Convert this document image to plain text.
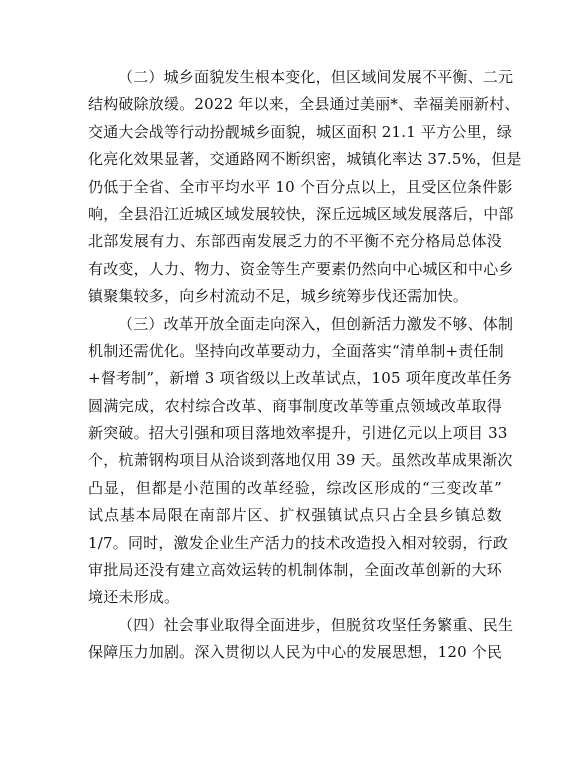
（二）城乡面貌发生根本变化，但区域间发展不平衡、二元
结构破除放缓。2022 年以来，全县通过美丽*、幸福美丽新村、
交通大会战等行动扮靓城乡面貌，城区面积 21.1 平方公里，绿
化亮化效果显著，交通路网不断织密，城镇化率达 37.5%，但是
仍低于全省、全市平均水平 10 个百分点以上，且受区位条件影
响，全县沿江近城区域发展较快，深丘远城区域发展落后，中部
北部发展有力、东部西南发展乏力的不平衡不充分格局总体没
有改变，人力、物力、资金等生产要素仍然向中心城区和中心乡
镇聚集较多，向乡村流动不足，城乡统筹步伐还需加快。
（三）改革开放全面走向深入，但创新活力激发不够、体制
机制还需优化。坚持向改革要动力，全面落实“清单制+责任制
+督考制”，新增 3 项省级以上改革试点，105 项年度改革任务
圆满完成，农村综合改革、商事制度改革等重点领域改革取得
新突破。招大引强和项目落地效率提升，引进亿元以上项目 33
个，杭萧钢构项目从洽谈到落地仅用 39 天。虽然改革成果渐次
凸显，但都是小范围的改革经验，综改区形成的“三变改革”
试点基本局限在南部片区、扩权强镇试点只占全县乡镇总数
1/7。同时，激发企业生产活力的技术改造投入相对较弱，行政
审批局还没有建立高效运转的机制体制，全面改革创新的大环
境还未形成。
（四）社会事业取得全面进步，但脱贫攻坚任务繁重、民生
保障压力加剧。深入贯彻以人民为中心的发展思想，120 个民
